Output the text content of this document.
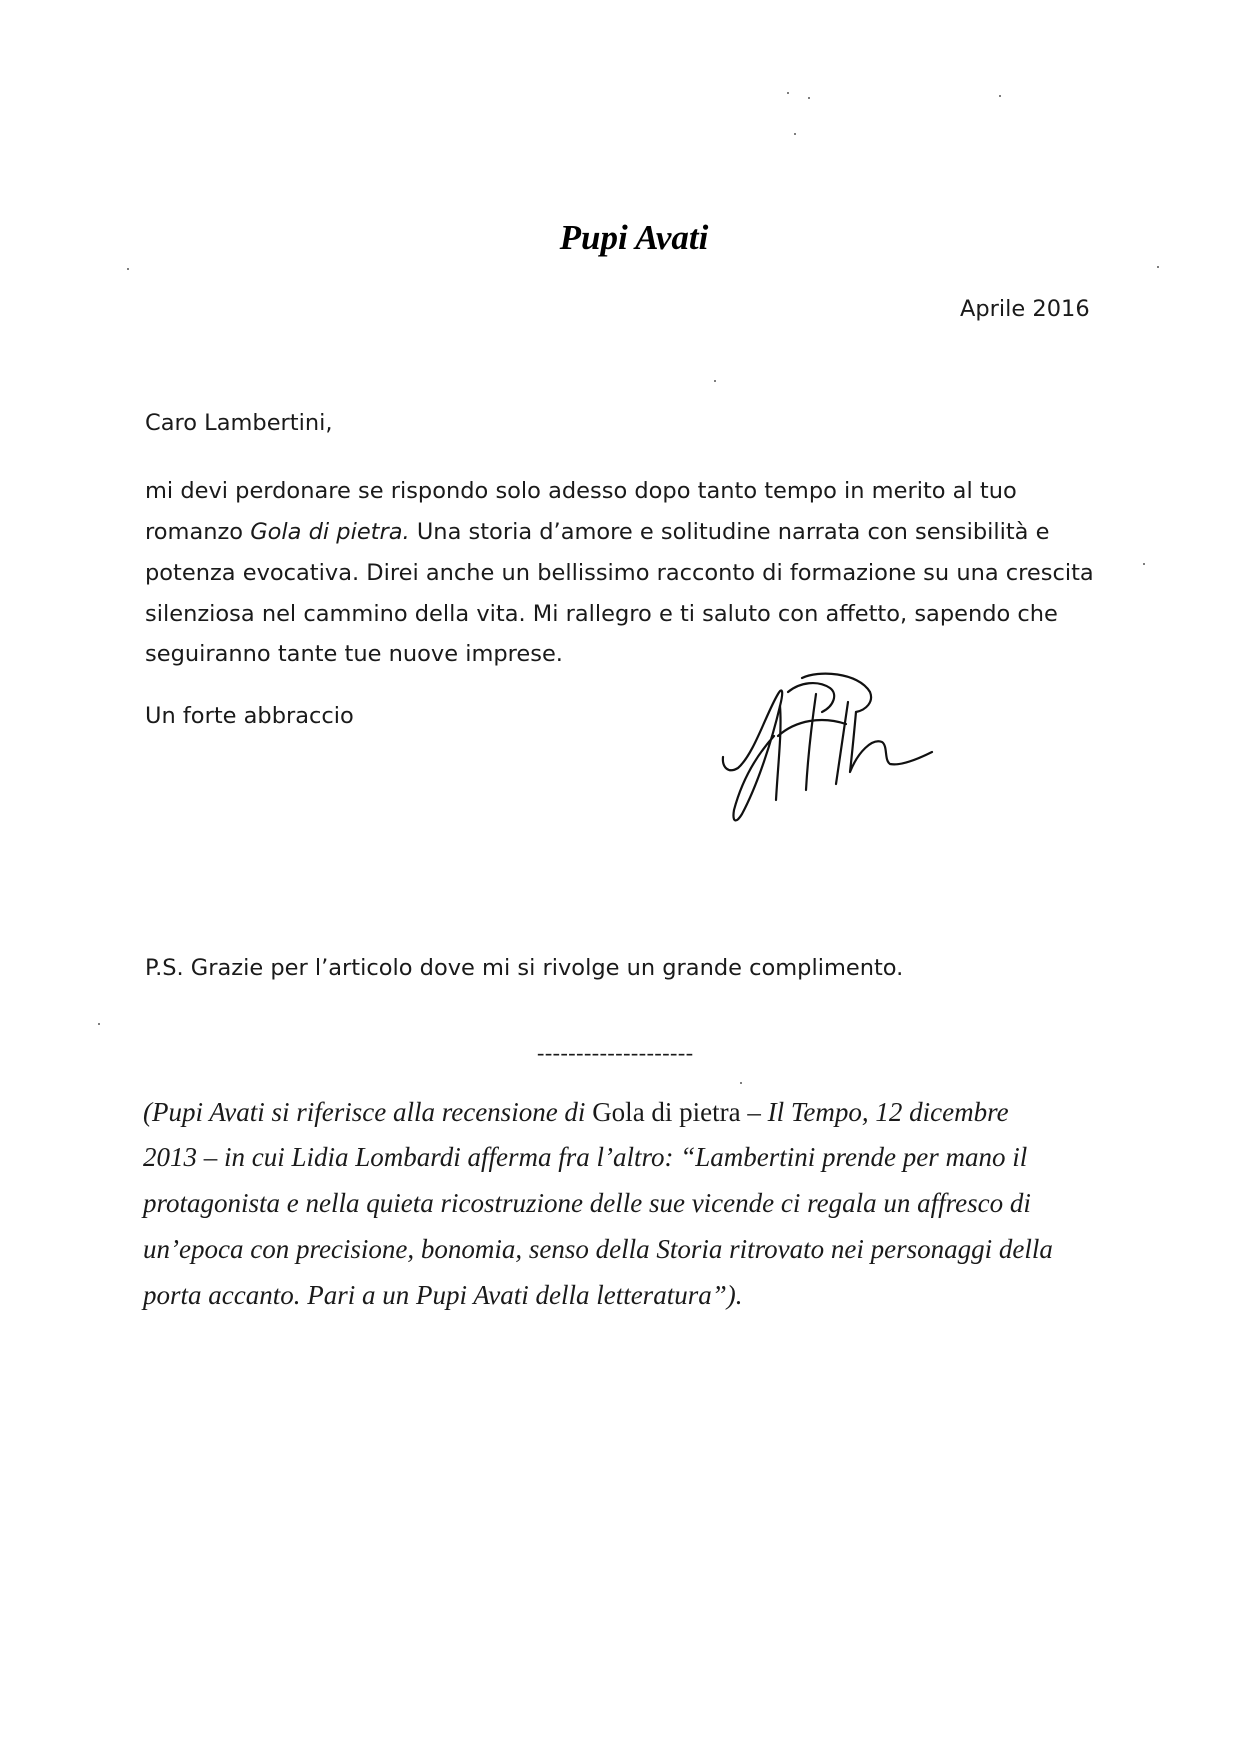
Pupi Avati
Aprile 2016
Caro Lambertini,
mi devi perdonare se rispondo solo adesso dopo tanto tempo in merito al tuo
romanzo Gola di pietra. Una storia d’amore e solitudine narrata con sensibilità e
potenza evocativa. Direi anche un bellissimo racconto di formazione su una crescita
silenziosa nel cammino della vita. Mi rallegro e ti saluto con affetto, sapendo che
seguiranno tante tue nuove imprese.
Un forte abbraccio
P.S. Grazie per l’articolo dove mi si rivolge un grande complimento.
--------------------
(Pupi Avati si riferisce alla recensione di Gola di pietra – Il Tempo, 12 dicembre
2013 – in cui Lidia Lombardi afferma fra l’altro: “Lambertini prende per mano il
protagonista e nella quieta ricostruzione delle sue vicende ci regala un affresco di
un’epoca con precisione, bonomia, senso della Storia ritrovato nei personaggi della
porta accanto. Pari a un Pupi Avati della letteratura”).
